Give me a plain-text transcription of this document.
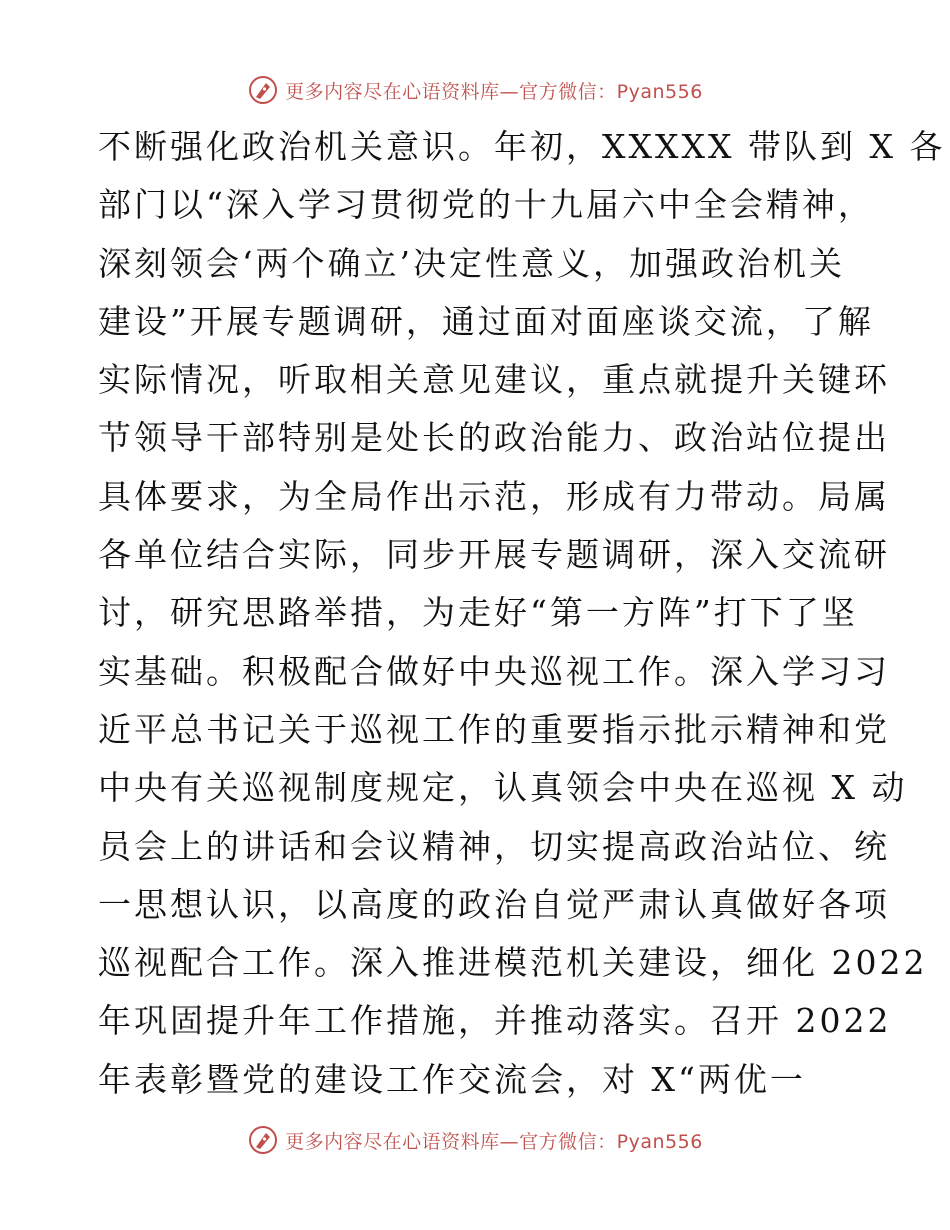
更多内容尽在心语资料库—官方微信：Pyan556
不断强化政治机关意识。年初，XXXXX 带队到 X 各
部门以“深入学习贯彻党的十九届六中全会精神，
深刻领会‘两个确立’决定性意义，加强政治机关
建设”开展专题调研，通过面对面座谈交流，了解
实际情况，听取相关意见建议，重点就提升关键环
节领导干部特别是处长的政治能力、政治站位提出
具体要求，为全局作出示范，形成有力带动。局属
各单位结合实际，同步开展专题调研，深入交流研
讨，研究思路举措，为走好“第一方阵”打下了坚
实基础。积极配合做好中央巡视工作。深入学习习
近平总书记关于巡视工作的重要指示批示精神和党
中央有关巡视制度规定，认真领会中央在巡视 X 动
员会上的讲话和会议精神，切实提高政治站位、统
一思想认识，以高度的政治自觉严肃认真做好各项
巡视配合工作。深入推进模范机关建设，细化 2022
年巩固提升年工作措施，并推动落实。召开 2022
年表彰暨党的建设工作交流会，对 X“两优一
更多内容尽在心语资料库—官方微信：Pyan556
